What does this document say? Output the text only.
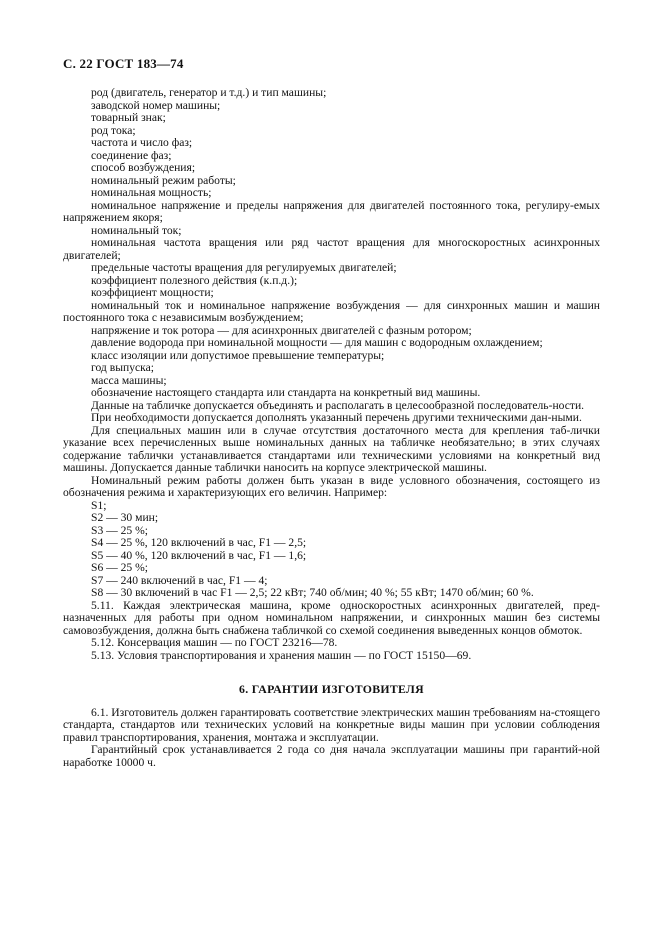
С. 22 ГОСТ 183—74

род (двигатель, генератор и т.д.) и тип машины;

заводской номер машины;

товарный знак;

род тока;

частота и число фаз;

соединение фаз;

способ возбуждения;

номинальный режим работы;

номинальная мощность;

номинальное напряжение и пределы напряжения для двигателей постоянного тока, регулиру-емых напряжением якоря;

номинальный ток;

номинальная частота вращения или ряд частот вращения для многоскоростных асинхронных двигателей;

предельные частоты вращения для регулируемых двигателей;

коэффициент полезного действия (к.п.д.);

коэффициент мощности;

номинальный ток и номинальное напряжение возбуждения — для синхронных машин и машин постоянного тока с независимым возбуждением;

напряжение и ток ротора — для асинхронных двигателей с фазным ротором;

давление водорода при номинальной мощности — для машин с водородным охлаждением;

класс изоляции или допустимое превышение температуры;

год выпуска;

масса машины;

обозначение настоящего стандарта или стандарта на конкретный вид машины.

Данные на табличке допускается объединять и располагать в целесообразной последователь-ности.

При необходимости допускается дополнять указанный перечень другими техническими дан-ными.

Для специальных машин или в случае отсутствия достаточного места для крепления таб-лички указание всех перечисленных выше номинальных данных на табличке необязательно; в этих случаях содержание таблички устанавливается стандартами или техническими условиями на конкретный вид машины. Допускается данные таблички наносить на корпусе электрической машины.

Номинальный режим работы должен быть указан в виде условного обозначения, состоящего из обозначения режима и характеризующих его величин. Например:

S1;

S2 — 30 мин;

S3 — 25 %;

S4 — 25 %, 120 включений в час, F1 — 2,5;

S5 — 40 %, 120 включений в час, F1 — 1,6;

S6 — 25 %;

S7 — 240 включений в час, F1 — 4;

S8 — 30 включений в час F1 — 2,5; 22 кВт; 740 об/мин; 40 %; 55 кВт; 1470 об/мин; 60 %.

5.11. Каждая электрическая машина, кроме односкоростных асинхронных двигателей, пред-назначенных для работы при одном номинальном напряжении, и синхронных машин без системы самовозбуждения, должна быть снабжена табличкой со схемой соединения выведенных концов обмоток.

5.12. Консервация машин — по ГОСТ 23216—78.

5.13. Условия транспортирования и хранения машин — по ГОСТ 15150—69.

6. ГАРАНТИИ ИЗГОТОВИТЕЛЯ

6.1. Изготовитель должен гарантировать соответствие электрических машин требованиям на-стоящего стандарта, стандартов или технических условий на конкретные виды машин при условии соблюдения правил транспортирования, хранения, монтажа и эксплуатации.

Гарантийный срок устанавливается 2 года со дня начала эксплуатации машины при гарантий-ной наработке 10000 ч.
